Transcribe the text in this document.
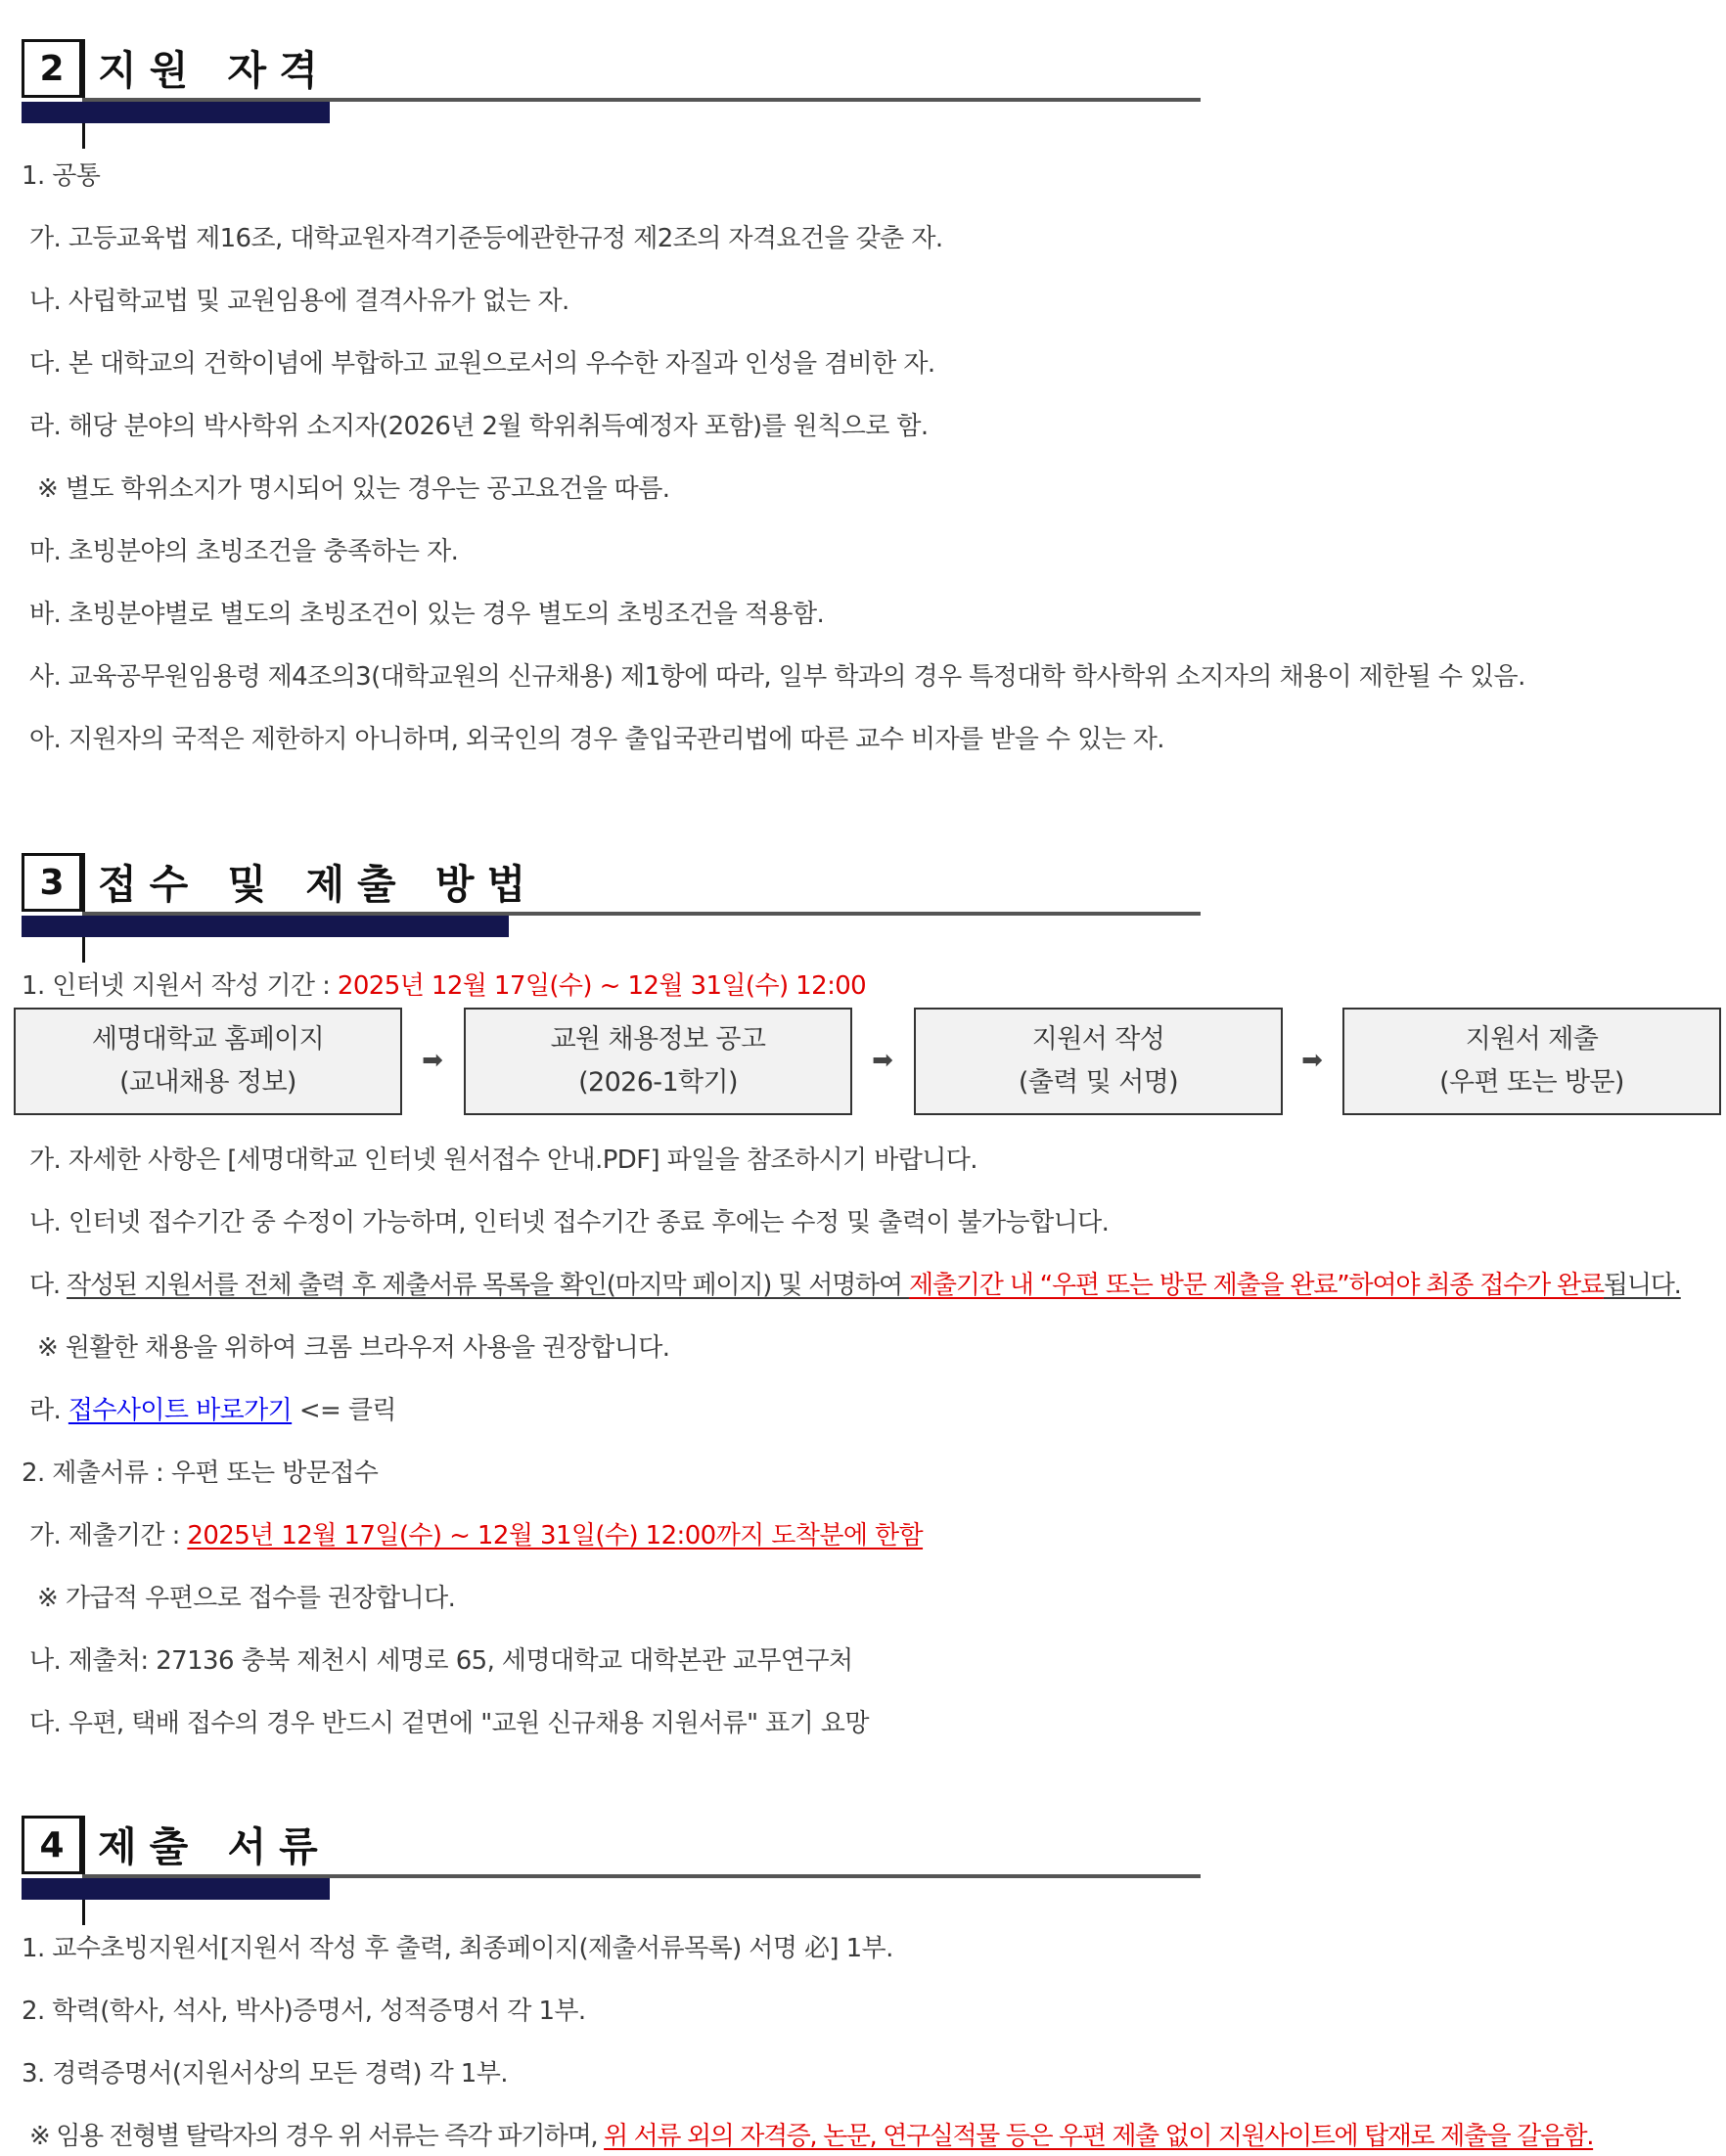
2 지원 자격
1. 공통
가. 고등교육법 제16조, 대학교원자격기준등에관한규정 제2조의 자격요건을 갖춘 자.
나. 사립학교법 및 교원임용에 결격사유가 없는 자.
다. 본 대학교의 건학이념에 부합하고 교원으로서의 우수한 자질과 인성을 겸비한 자.
라. 해당 분야의 박사학위 소지자(2026년 2월 학위취득예정자 포함)를 원칙으로 함.
※ 별도 학위소지가 명시되어 있는 경우는 공고요건을 따름.
마. 초빙분야의 초빙조건을 충족하는 자.
바. 초빙분야별로 별도의 초빙조건이 있는 경우 별도의 초빙조건을 적용함.
사. 교육공무원임용령 제4조의3(대학교원의 신규채용) 제1항에 따라, 일부 학과의 경우 특정대학 학사학위 소지자의 채용이 제한될 수 있음.
아. 지원자의 국적은 제한하지 아니하며, 외국인의 경우 출입국관리법에 따른 교수 비자를 받을 수 있는 자.
3 접수 및 제출 방법
1. 인터넷 지원서 작성 기간 : 2025년 12월 17일(수) ~ 12월 31일(수) 12:00
세명대학교 홈페이지
(교내채용 정보)
➡
교원 채용정보 공고
(2026-1학기)
➡
지원서 작성
(출력 및 서명)
➡
지원서 제출
(우편 또는 방문)
가. 자세한 사항은 [세명대학교 인터넷 원서접수 안내.PDF] 파일을 참조하시기 바랍니다.
나. 인터넷 접수기간 중 수정이 가능하며, 인터넷 접수기간 종료 후에는 수정 및 출력이 불가능합니다.
다. 작성된 지원서를 전체 출력 후 제출서류 목록을 확인(마지막 페이지) 및 서명하여 제출기간 내 “우편 또는 방문 제출을 완료”하여야 최종 접수가 완료됩니다.
※ 원활한 채용을 위하여 크롬 브라우저 사용을 권장합니다.
라. 접수사이트 바로가기 <= 클릭
2. 제출서류 : 우편 또는 방문접수
가. 제출기간 : 2025년 12월 17일(수) ~ 12월 31일(수) 12:00까지 도착분에 한함
※ 가급적 우편으로 접수를 권장합니다.
나. 제출처: 27136 충북 제천시 세명로 65, 세명대학교 대학본관 교무연구처
다. 우편, 택배 접수의 경우 반드시 겉면에 "교원 신규채용 지원서류" 표기 요망
4 제출 서류
1. 교수초빙지원서[지원서 작성 후 출력, 최종페이지(제출서류목록) 서명 必] 1부.
2. 학력(학사, 석사, 박사)증명서, 성적증명서 각 1부.
3. 경력증명서(지원서상의 모든 경력) 각 1부.
※ 임용 전형별 탈락자의 경우 위 서류는 즉각 파기하며, 위 서류 외의 자격증, 논문, 연구실적물 등은 우편 제출 없이 지원사이트에 탑재로 제출을 갈음함.
